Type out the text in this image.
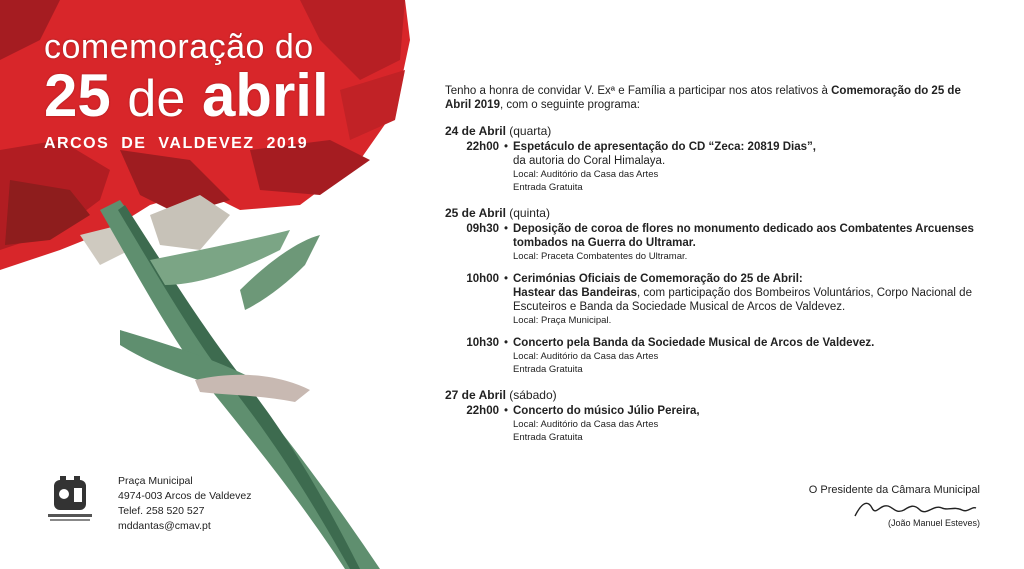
comemoração do
25 de abril
ARCOS DE VALDEVEZ 2019

Tenho a honra de convidar V. Exª e Família a participar nos atos relativos à Comemoração do 25 de Abril 2019, com o seguinte programa:

24 de Abril (quarta)
22h00 • Espetáculo de apresentação do CD “Zeca: 20819 Dias”,
da autoria do Coral Himalaya.
Local: Auditório da Casa das Artes
Entrada Gratuita
25 de Abril (quinta)
09h30 • Deposição de coroa de flores no monumento dedicado aos Combatentes Arcuenses tombados na Guerra do Ultramar.
Local: Praceta Combatentes do Ultramar.
10h00 • Cerimónias Oficiais de Comemoração do 25 de Abril:
Hastear das Bandeiras, com participação dos Bombeiros Voluntários, Corpo Nacional de Escuteiros e Banda da Sociedade Musical de Arcos de Valdevez.
Local: Praça Municipal.
10h30 • Concerto pela Banda da Sociedade Musical de Arcos de Valdevez.
Local: Auditório da Casa das Artes
Entrada Gratuita
27 de Abril (sábado)
22h00 • Concerto do músico Júlio Pereira,
Local: Auditório da Casa das Artes
Entrada Gratuita
Praça Municipal
4974-003 Arcos de Valdevez
Telef. 258 520 527
mddantas@cmav.pt
O Presidente da Câmara Municipal
(João Manuel Esteves)
